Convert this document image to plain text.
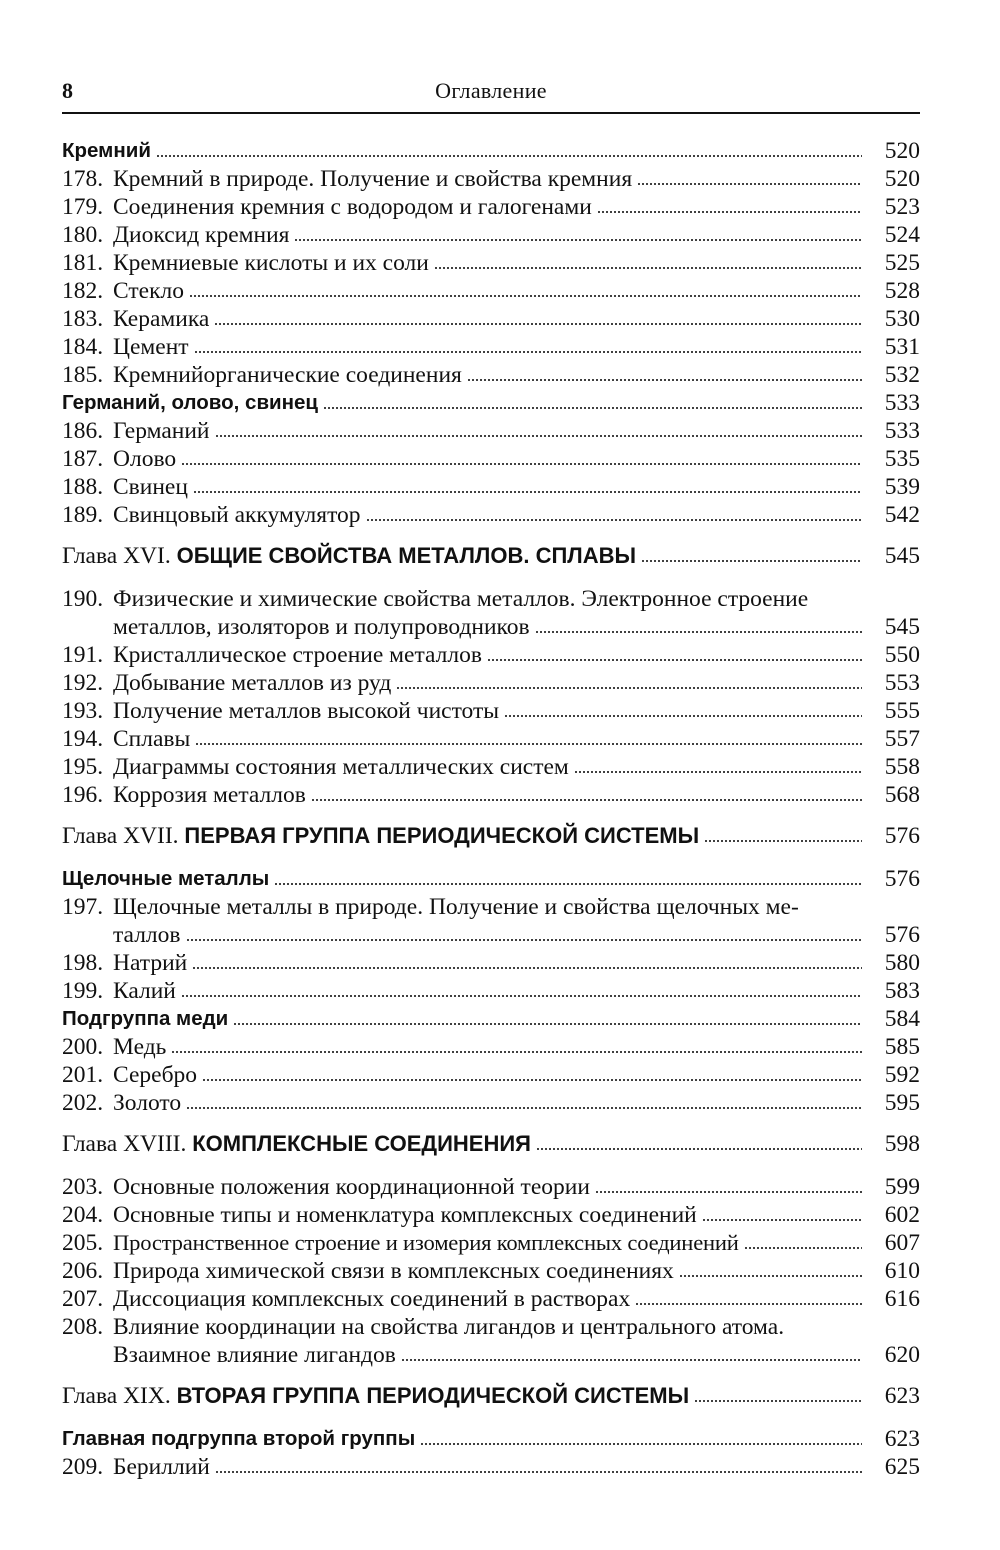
8	Оглавление
Кремний	520
178. Кремний в природе. Получение и свойства кремния	520
179. Соединения кремния с водородом и галогенами	523
180. Диоксид кремния	524
181. Кремниевые кислоты и их соли	525
182. Стекло	528
183. Керамика	530
184. Цемент	531
185. Кремнийорганические соединения	532
Германий, олово, свинец	533
186. Германий	533
187. Олово	535
188. Свинец	539
189. Свинцовый аккумулятор	542
Глава XVI. ОБЩИЕ СВОЙСТВА МЕТАЛЛОВ. СПЛАВЫ	545
190. Физические и химические свойства металлов. Электронное строение
металлов, изоляторов и полупроводников	545
191. Кристаллическое строение металлов	550
192. Добывание металлов из руд	553
193. Получение металлов высокой чистоты	555
194. Сплавы	557
195. Диаграммы состояния металлических систем	558
196. Коррозия металлов	568
Глава XVII. ПЕРВАЯ ГРУППА ПЕРИОДИЧЕСКОЙ СИСТЕМЫ	576
Щелочные металлы	576
197. Щелочные металлы в природе. Получение и свойства щелочных ме-
таллов	576
198. Натрий	580
199. Калий	583
Подгруппа меди	584
200. Медь	585
201. Серебро	592
202. Золото	595
Глава XVIII. КОМПЛЕКСНЫЕ СОЕДИНЕНИЯ	598
203. Основные положения координационной теории	599
204. Основные типы и номенклатура комплексных соединений	602
205. Пространственное строение и изомерия комплексных соединений	607
206. Природа химической связи в комплексных соединениях	610
207. Диссоциация комплексных соединений в растворах	616
208. Влияние координации на свойства лигандов и центрального атома.
Взаимное влияние лигандов	620
Глава XIX. ВТОРАЯ ГРУППА ПЕРИОДИЧЕСКОЙ СИСТЕМЫ	623
Главная подгруппа второй группы	623
209. Бериллий	625
